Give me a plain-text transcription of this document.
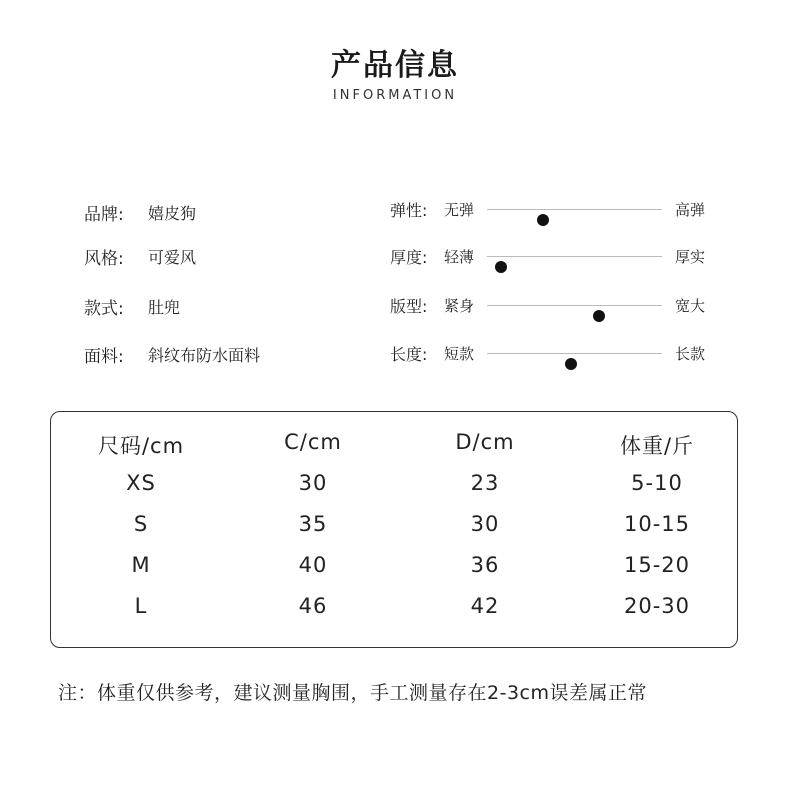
产品信息
INFORMATION
品牌: 嬉皮狗
风格: 可爱风
款式: 肚兜
面料: 斜纹布防水面料
弹性: 无弹	高弹
厚度: 轻薄	厚实
版型: 紧身	宽大
长度: 短款	长款
尺码/cm	C/cm	D/cm	体重/斤
XS	30	23	5-10
S	35	30	10-15
M	40	36	15-20
L	46	42	20-30
注：体重仅供参考，建议测量胸围，手工测量存在2-3cm误差属正常
